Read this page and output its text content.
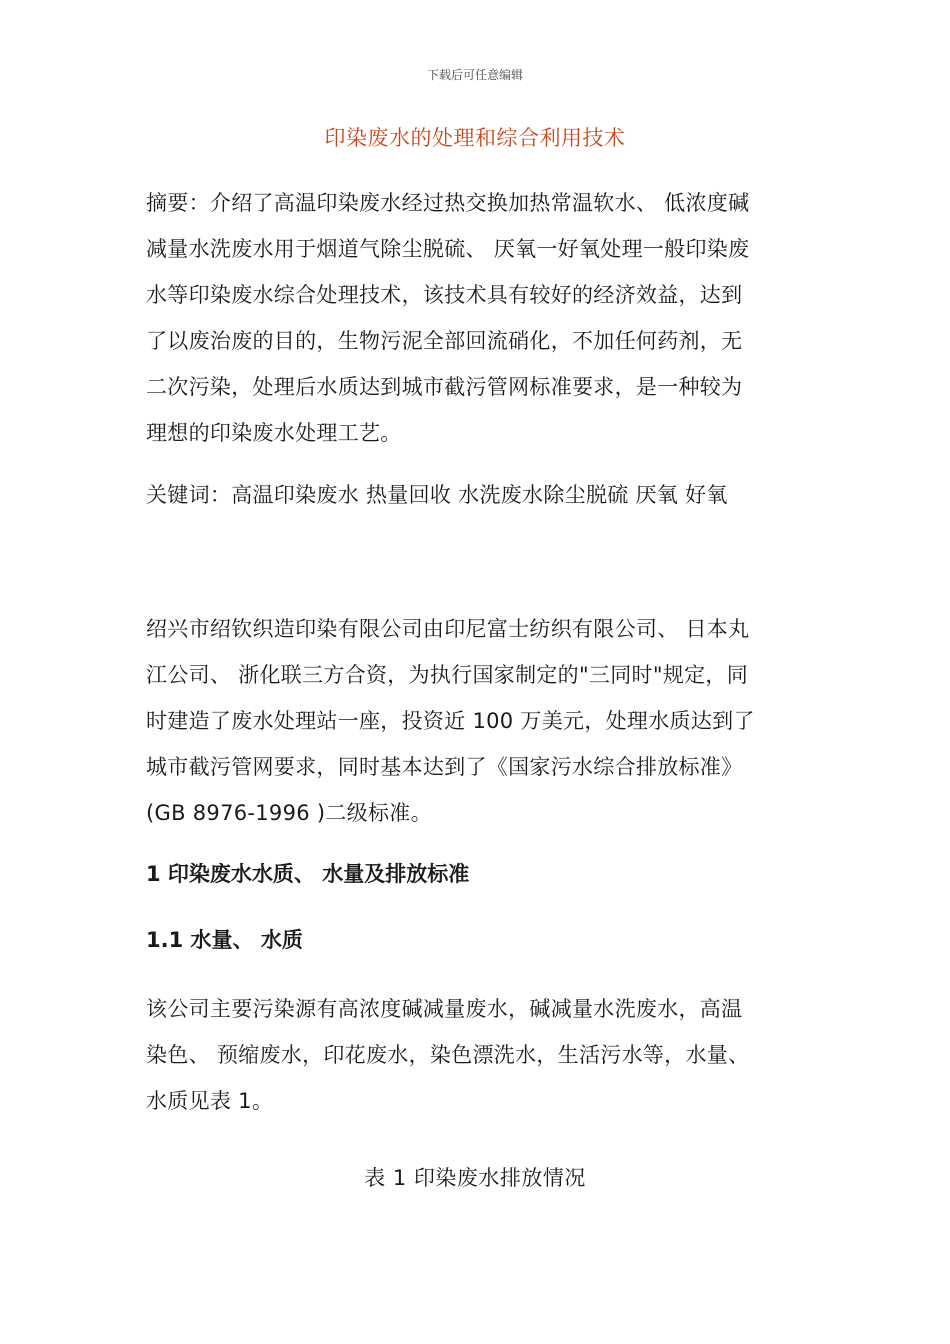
下载后可任意编辑
印染废水的处理和综合利用技术
摘要：介绍了高温印染废水经过热交换加热常温软水、 低浓度碱
减量水洗废水用于烟道气除尘脱硫、 厌氧一好氧处理一般印染废
水等印染废水综合处理技术，该技术具有较好的经济效益，达到
了以废治废的目的，生物污泥全部回流硝化，不加任何药剂，无
二次污染，处理后水质达到城市截污管网标准要求，是一种较为
理想的印染废水处理工艺。
关键词：高温印染废水 热量回收 水洗废水除尘脱硫 厌氧 好氧
绍兴市绍钦织造印染有限公司由印尼富士纺织有限公司、 日本丸
江公司、 浙化联三方合资，为执行国家制定的"三同时"规定，同
时建造了废水处理站一座，投资近 100 万美元，处理水质达到了
城市截污管网要求，同时基本达到了《国家污水综合排放标准》
(GB 8976-1996 )二级标准。
1 印染废水水质、 水量及排放标准
1.1 水量、 水质
该公司主要污染源有高浓度碱减量废水，碱减量水洗废水，高温
染色、 预缩废水，印花废水，染色漂洗水，生活污水等，水量、
水质见表 1。
表 1 印染废水排放情况
